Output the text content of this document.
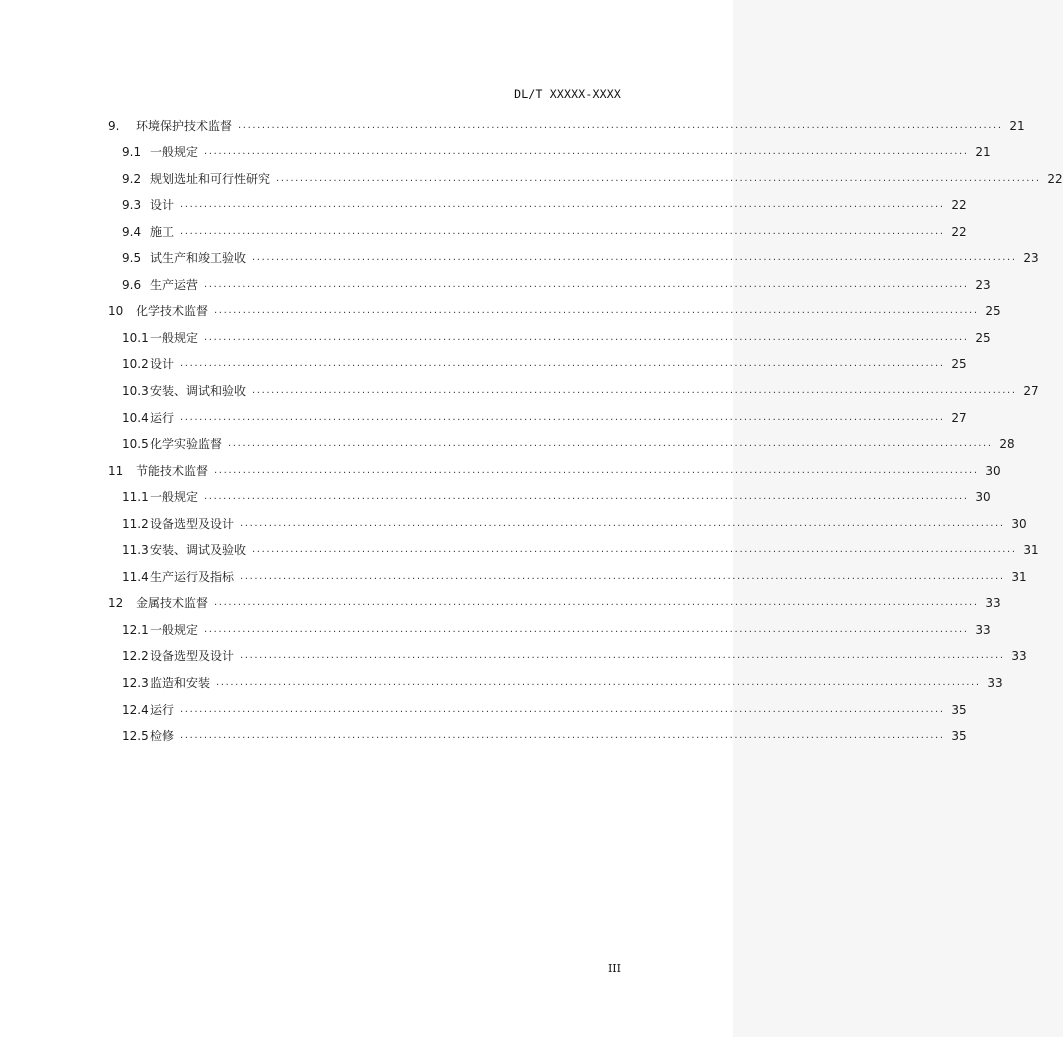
DL/T XXXXX-XXXX
9.环境保护技术监督 ................................................................................................................................................................ 21
9.1一般规定 ................................................................................................................................................................ 21
9.2规划选址和可行性研究 ................................................................................................................................................................ 22
9.3设计 ................................................................................................................................................................ 22
9.4施工 ................................................................................................................................................................ 22
9.5试生产和竣工验收 ................................................................................................................................................................ 23
9.6生产运营 ................................................................................................................................................................ 23
10化学技术监督 ................................................................................................................................................................ 25
10.1一般规定 ................................................................................................................................................................ 25
10.2设计 ................................................................................................................................................................ 25
10.3安装、调试和验收 ................................................................................................................................................................ 27
10.4运行 ................................................................................................................................................................ 27
10.5化学实验监督 ................................................................................................................................................................ 28
11节能技术监督 ................................................................................................................................................................ 30
11.1一般规定 ................................................................................................................................................................ 30
11.2设备选型及设计 ................................................................................................................................................................ 30
11.3安装、调试及验收 ................................................................................................................................................................ 31
11.4生产运行及指标 ................................................................................................................................................................ 31
12金属技术监督 ................................................................................................................................................................ 33
12.1一般规定 ................................................................................................................................................................ 33
12.2设备选型及设计 ................................................................................................................................................................ 33
12.3监造和安装 ................................................................................................................................................................ 33
12.4运行 ................................................................................................................................................................ 35
12.5检修 ................................................................................................................................................................ 35
III
